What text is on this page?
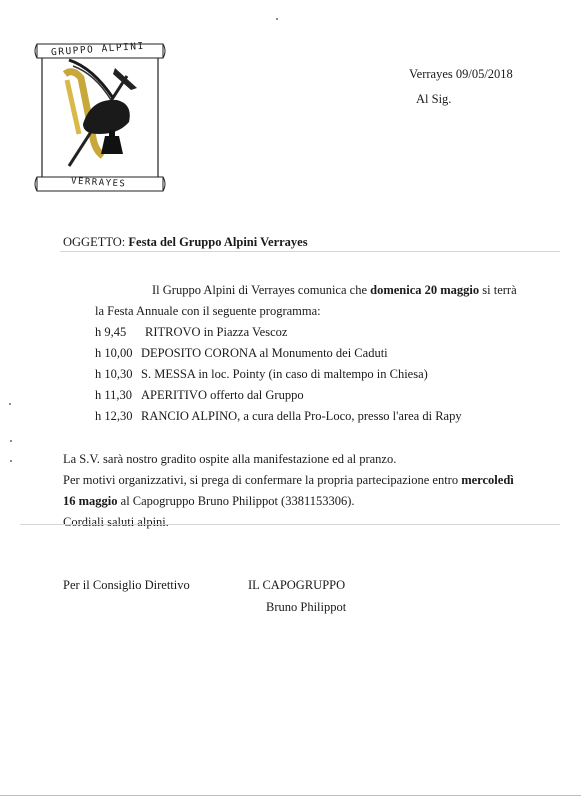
GRUPPO ALPINI
VERRAYES
Verrayes 09/05/2018
Al Sig.
OGGETTO: Festa del Gruppo Alpini Verrayes
Il Gruppo Alpini di Verrayes comunica che domenica 20 maggio si terrà
la Festa Annuale con il seguente programma:
h 9,45 RITROVO in Piazza Vescoz
h 10,00 DEPOSITO CORONA al Monumento dei Caduti
h 10,30 S. MESSA in loc. Pointy (in caso di maltempo in Chiesa)
h 11,30 APERITIVO offerto dal Gruppo
h 12,30 RANCIO ALPINO, a cura della Pro-Loco, presso l'area di Rapy
La S.V. sarà nostro gradito ospite alla manifestazione ed al pranzo.
Per motivi organizzativi, si prega di confermare la propria partecipazione entro mercoledì
16 maggio al Capogruppo Bruno Philippot (3381153306).
Cordiali saluti alpini.
Per il Consiglio Direttivo	IL CAPOGRUPPO
Bruno Philippot
